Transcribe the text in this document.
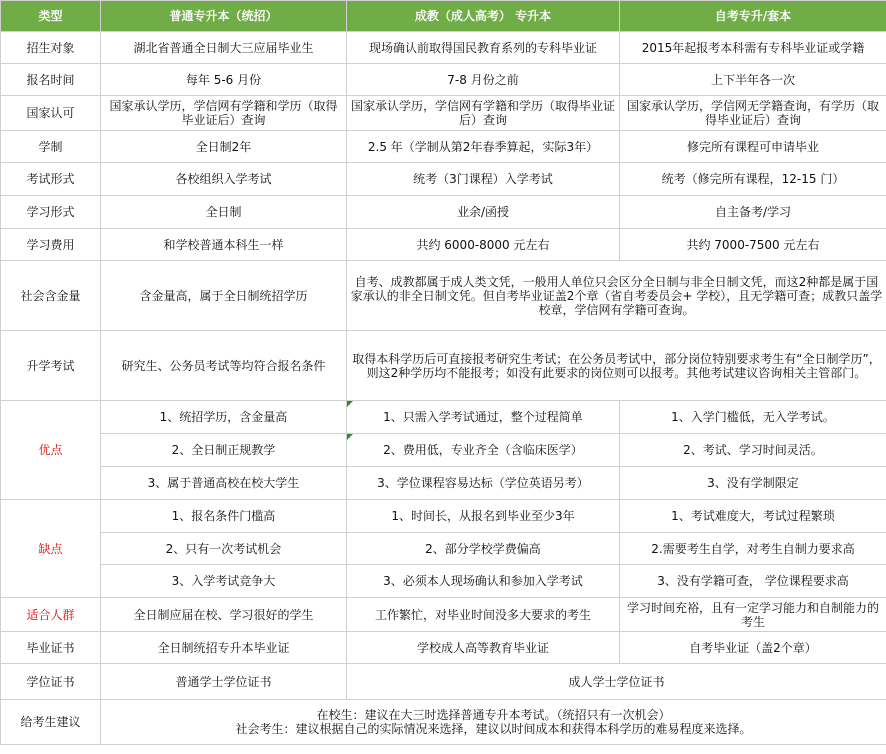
类型	普通专升本（统招）	成教（成人高考） 专升本	自考专升/套本
招生对象	湖北省普通全日制大三应届毕业生	现场确认前取得国民教育系列的专科毕业证	2015年起报考本科需有专科毕业证或学籍
报名时间	每年 5-6 月份	7-8 月份之前	上下半年各一次
国家认可	国家承认学历，学信网有学籍和学历（取得毕业证后）查询	国家承认学历，学信网有学籍和学历（取得毕业证后）查询	国家承认学历，学信网无学籍查询，有学历（取得毕业证后）查询
学制	全日制2年	2.5 年（学制从第2年春季算起，实际3年）	修完所有课程可申请毕业
考试形式	各校组织入学考试	统考（3门课程）入学考试	统考（修完所有课程，12-15 门）
学习形式	全日制	业余/函授	自主备考/学习
学习费用	和学校普通本科生一样	共约 6000-8000 元左右	共约 7000-7500 元左右
社会含金量	含金量高，属于全日制统招学历	自考、成教都属于成人类文凭，一般用人单位只会区分全日制与非全日制文凭，而这2种都是属于国家承认的非全日制文凭。但自考毕业证盖2个章（省自考委员会+ 学校），且无学籍可查；成教只盖学校章，学信网有学籍可查询。	
升学考试	研究生、公务员考试等均符合报名条件	取得本科学历后可直接报考研究生考试；在公务员考试中，部分岗位特别要求考生有“全日制学历”，则这2种学历均不能报考；如没有此要求的岗位则可以报考。其他考试建议咨询相关主管部门。	
优点	1、统招学历，含金量高	1、只需入学考试通过，整个过程简单	1、入学门槛低，无入学考试。
	2、全日制正规教学	2、费用低，专业齐全（含临床医学）	2、考试、学习时间灵活。
	3、属于普通高校在校大学生	3、学位课程容易达标（学位英语另考）	3、没有学制限定
缺点	1、报名条件门槛高	1、时间长，从报名到毕业至少3年	1、考试难度大，考试过程繁琐
	2、只有一次考试机会	2、部分学校学费偏高	2.需要考生自学，对考生自制力要求高
	3、入学考试竞争大	3、必须本人现场确认和参加入学考试	3、没有学籍可查， 学位课程要求高
适合人群	全日制应届在校、学习很好的学生	工作繁忙，对毕业时间没多大要求的考生	学习时间充裕，且有一定学习能力和自制能力的考生
毕业证书	全日制统招专升本毕业证	学校成人高等教育毕业证	自考毕业证（盖2个章）
学位证书	普通学士学位证书	成人学士学位证书	
给考生建议	在校生：建议在大三时选择普通专升本考试。（统招只有一次机会）
社会考生：建议根据自己的实际情况来选择，建议以时间成本和获得本科学历的难易程度来选择。		
